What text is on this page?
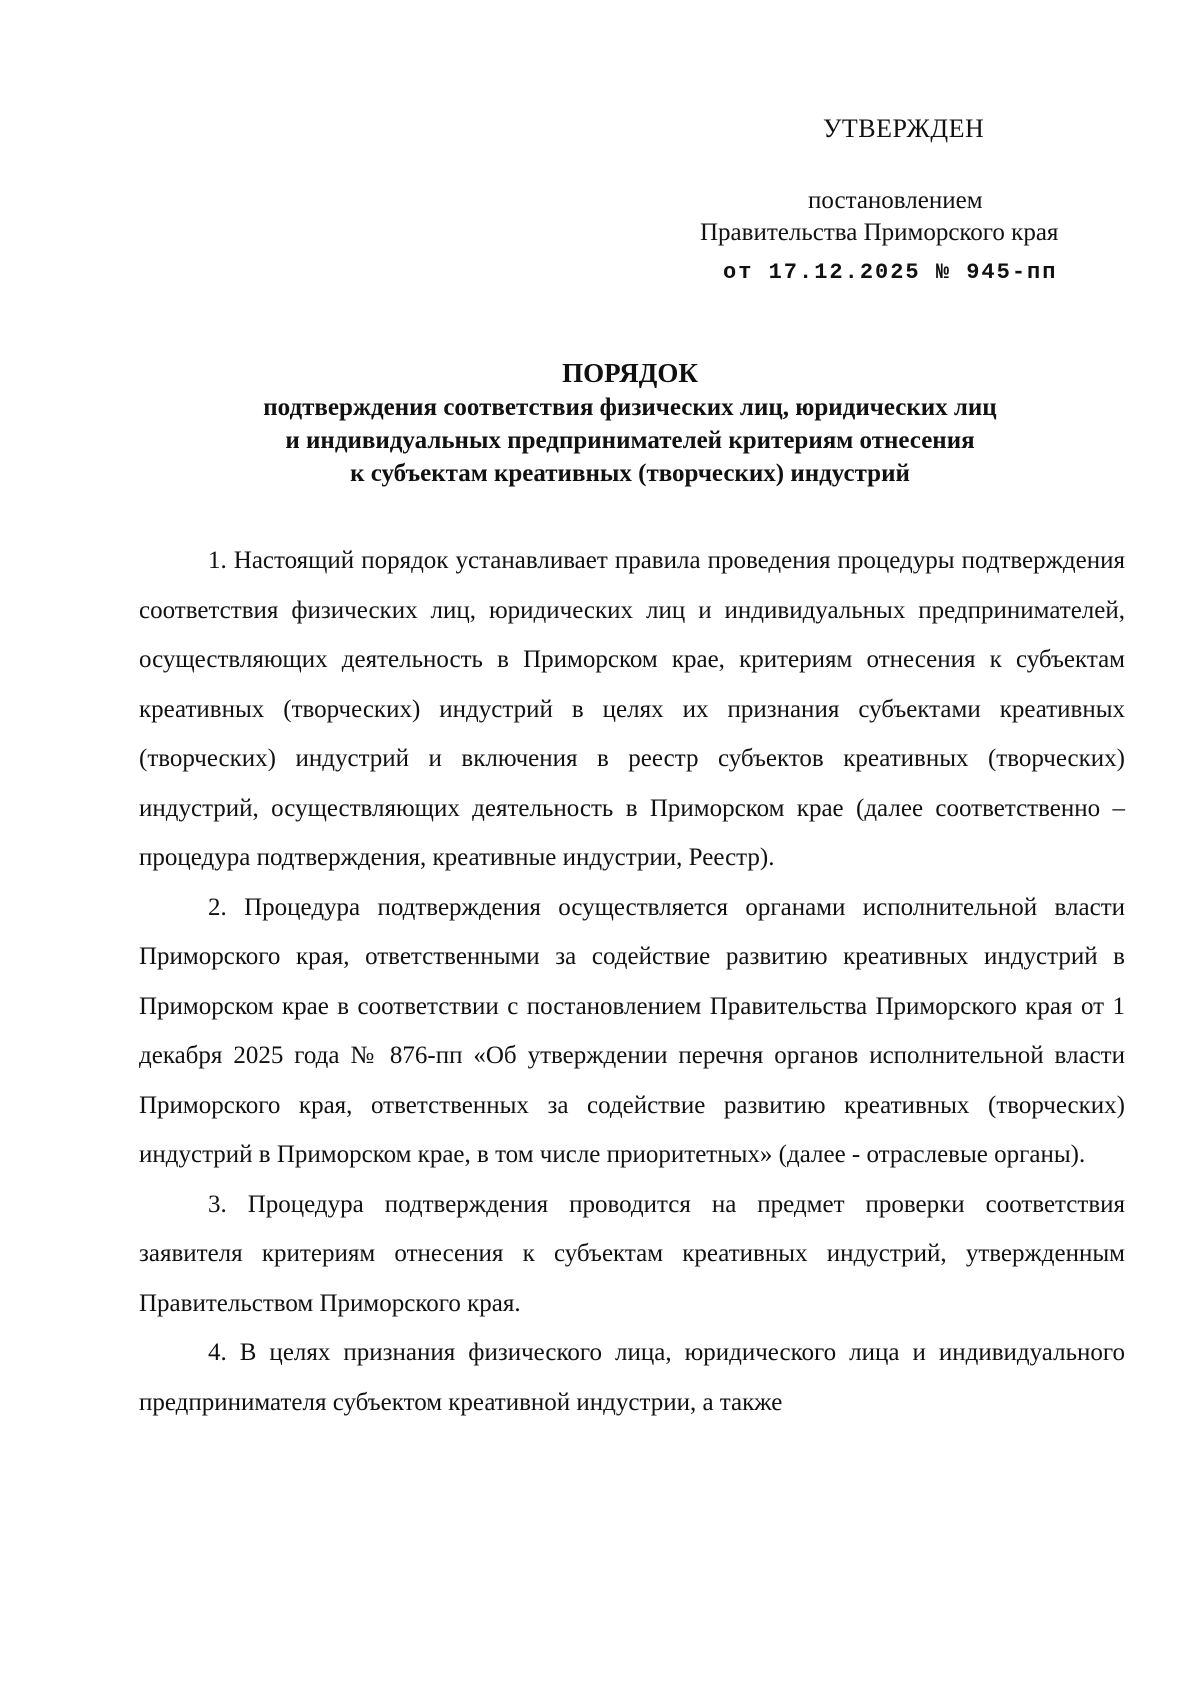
УТВЕРЖДЕН
постановлением
Правительства Приморского края
от 17.12.2025 № 945-пп
ПОРЯДОК
подтверждения соответствия физических лиц, юридических лиц
и индивидуальных предпринимателей критериям отнесения
к субъектам креативных (творческих) индустрий

1. Настоящий порядок устанавливает правила проведения процедуры подтверждения соответствия физических лиц, юридических лиц и индивидуальных предпринимателей, осуществляющих деятельность в Приморском крае, критериям отнесения к субъектам креативных (творческих) индустрий в целях их признания субъектами креативных (творческих) индустрий и включения в реестр субъектов креативных (творческих) индустрий, осуществляющих деятельность в Приморском крае (далее соответственно – процедура подтверждения, креативные индустрии, Реестр).

2. Процедура подтверждения осуществляется органами исполнительной власти Приморского края, ответственными за содействие развитию креативных индустрий в Приморском крае в соответствии с постановлением Правительства Приморского края от 1 декабря 2025 года № 876-пп «Об утверждении перечня органов исполнительной власти Приморского края, ответственных за содействие развитию креативных (творческих) индустрий в Приморском крае, в том числе приоритетных» (далее - отраслевые органы).

3. Процедура подтверждения проводится на предмет проверки соответствия заявителя критериям отнесения к субъектам креативных индустрий, утвержденным Правительством Приморского края.

4. В целях признания физического лица, юридического лица и индивидуального предпринимателя субъектом креативной индустрии, а также
